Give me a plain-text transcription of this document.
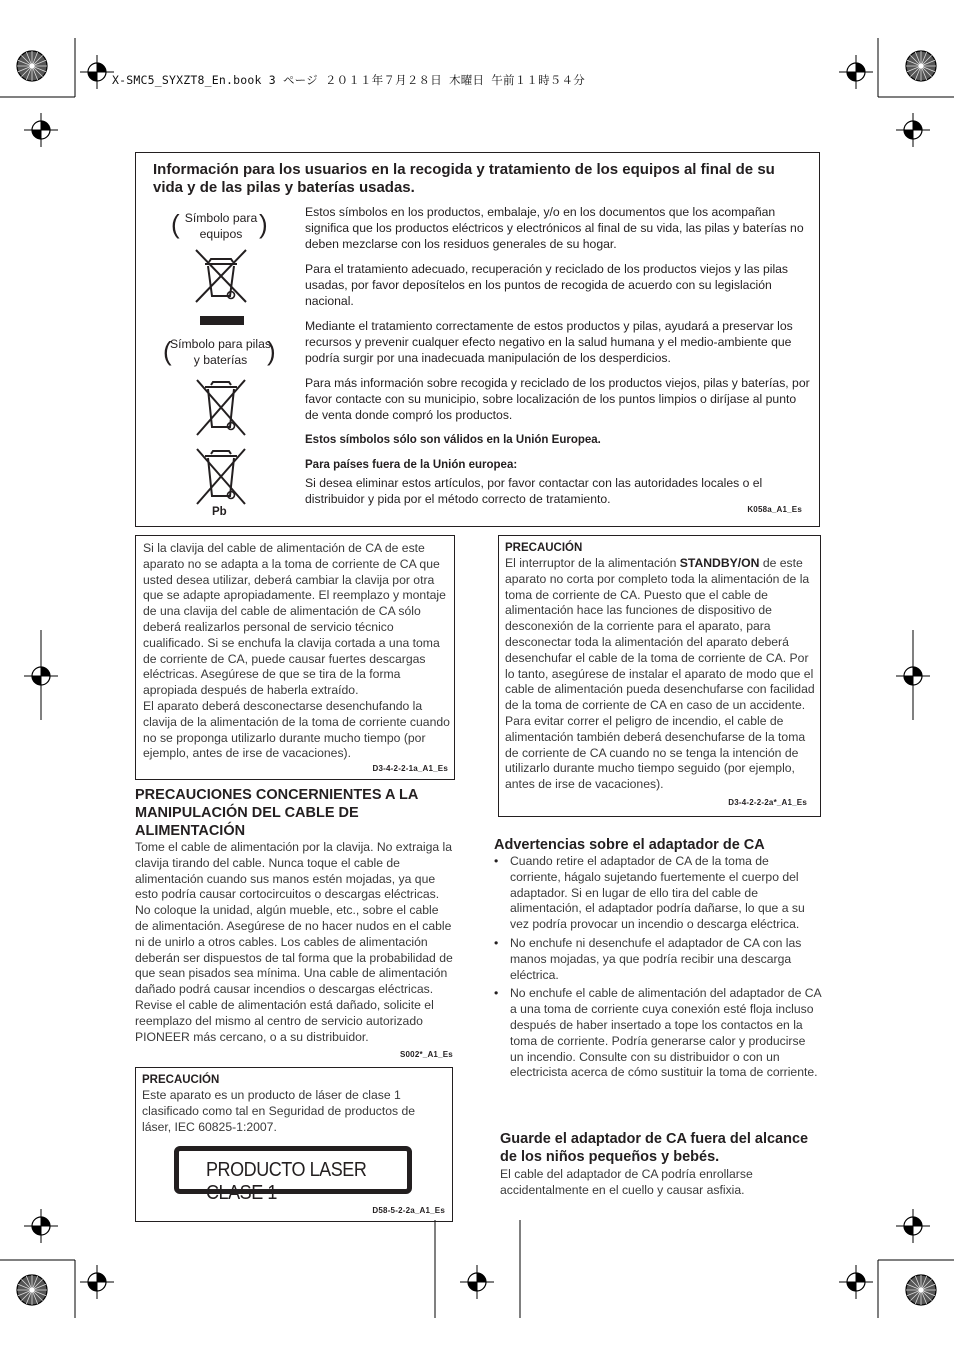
X-SMC5_SYXZT8_En.book 3 ページ ２０１１年７月２８日 木曜日 午前１１時５４分
Información para los usuarios en la recogida y tratamiento de los equipos al final de su vida y de las pilas y baterías usadas.
( Símbolo para equipos )
(
Símbolo para pilas y baterías )
Pb

Estos símbolos en los productos, embalaje, y/o en los documentos que los acompañan significa que los productos eléctricos y electrónicos al final de su vida, las pilas y baterías no deben mezclarse con los residuos generales de su hogar.

Para el tratamiento adecuado, recuperación y reciclado de los productos viejos y las pilas usadas, por favor deposítelos en los puntos de recogida de acuerdo con su legislación nacional.

Mediante el tratamiento correctamente de estos productos y pilas, ayudará a preservar los recursos y prevenir cualquer efecto negativo en la salud humana y el medio-ambiente que podría surgir por una inadecuada manipulación de los desperdicios.

Para más información sobre recogida y reciclado de los productos viejos, pilas y baterías, por favor contacte con su municipio, sobre localización de los puntos limpios o diríjase al punto de venta donde compró los productos.

Estos símbolos sólo son válidos en la Unión Europea.

Para países fuera de la Unión europea:

Si desea eliminar estos artículos, por favor contactar con las autoridades locales o el distribuidor y pida por el método correcto de tratamiento.

K058a_A1_Es
Si la clavija del cable de alimentación de CA de este aparato no se adapta a la toma de corriente de CA que usted desea utilizar, deberá cambiar la clavija por otra que se adapte apropiadamente. El reemplazo y montaje de una clavija del cable de alimentación de CA sólo deberá realizarlos personal de servicio técnico cualificado. Si se enchufa la clavija cortada a una toma de corriente de CA, puede causar fuertes descargas eléctricas. Asegúrese de que se tira de la forma apropiada después de haberla extraído.
El aparato deberá desconectarse desenchufando la clavija de la alimentación de la toma de corriente cuando no se proponga utilizarlo durante mucho tiempo (por ejemplo, antes de irse de vacaciones).
D3-4-2-2-1a_A1_Es
PRECAUCIONES CONCERNIENTES A LA MANIPULACIÓN DEL CABLE DE ALIMENTACIÓN
Tome el cable de alimentación por la clavija. No extraiga la clavija tirando del cable. Nunca toque el cable de alimentación cuando sus manos estén mojadas, ya que esto podría causar cortocircuitos o descargas eléctricas. No coloque la unidad, algún mueble, etc., sobre el cable de alimentación. Asegúrese de no hacer nudos en el cable ni de unirlo a otros cables. Los cables de alimentación deberán ser dispuestos de tal forma que la probabilidad de que sean pisados sea mínima. Una cable de alimentación dañado podrá causar incendios o descargas eléctricas. Revise el cable de alimentación está dañado, solicite el reemplazo del mismo al centro de servicio autorizado PIONEER más cercano, o a su distribuidor.
S002*_A1_Es
PRECAUCIÓN
Este aparato es un producto de láser de clase 1 clasificado como tal en Seguridad de productos de láser, IEC 60825-1:2007.
PRODUCTO LASER CLASE 1
D58-5-2-2a_A1_Es
PRECAUCIÓN
El interruptor de la alimentación STANDBY/ON de este aparato no corta por completo toda la alimentación de la toma de corriente de CA. Puesto que el cable de alimentación hace las funciones de dispositivo de desconexión de la corriente para el aparato, para desconectar toda la alimentación del aparato deberá desenchufar el cable de la toma de corriente de CA. Por lo tanto, asegúrese de instalar el aparato de modo que el cable de alimentación pueda desenchufarse con facilidad de la toma de corriente de CA en caso de un accidente. Para evitar correr el peligro de incendio, el cable de alimentación también deberá desenchufarse de la toma de corriente de CA cuando no se tenga la intención de utilizarlo durante mucho tiempo seguido (por ejemplo, antes de irse de vacaciones).
D3-4-2-2-2a*_A1_Es
Advertencias sobre el adaptador de CA
• Cuando retire el adaptador de CA de la toma de corriente, hágalo sujetando fuertemente el cuerpo del adaptador. Si en lugar de ello tira del cable de alimentación, el adaptador podría dañarse, lo que a su vez podría provocar un incendio o descarga eléctrica.
• No enchufe ni desenchufe el adaptador de CA con las manos mojadas, ya que podría recibir una descarga eléctrica.
• No enchufe el cable de alimentación del adaptador de CA a una toma de corriente cuya conexión esté floja incluso después de haber insertado a tope los contactos en la toma de corriente. Podría generarse calor y producirse un incendio. Consulte con su distribuidor o con un electricista acerca de cómo sustituir la toma de corriente.
Guarde el adaptador de CA fuera del alcance de los niños pequeños y bebés.
El cable del adaptador de CA podría enrollarse accidentalmente en el cuello y causar asfixia.
